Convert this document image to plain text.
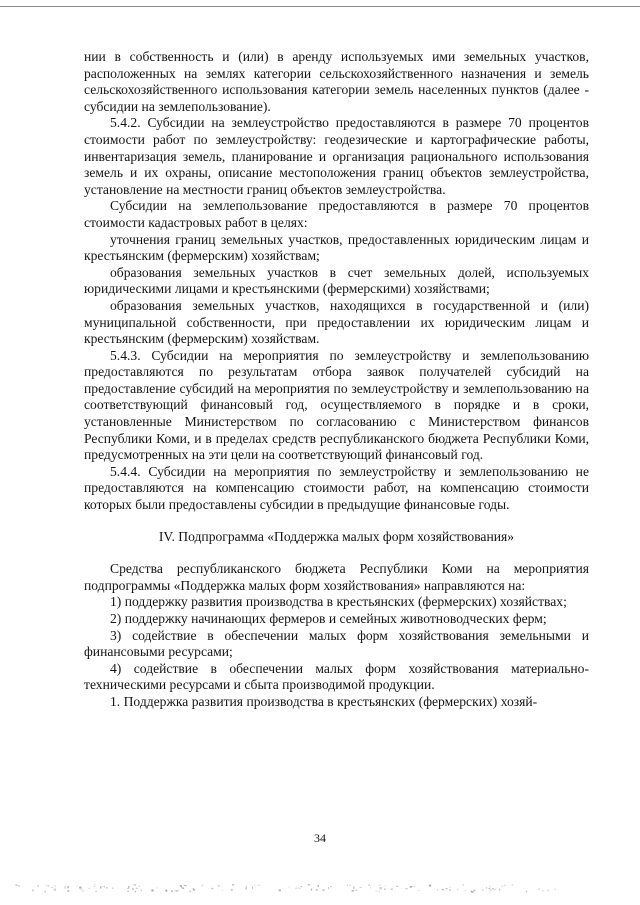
нии в собственность и (или) в аренду используемых ими земельных участков, расположенных на землях категории сельскохозяйственного назначения и земель сельскохозяйственного использования категории земель населенных пунктов (далее - субсидии на землепользование).

5.4.2. Субсидии на землеустройство предоставляются в размере 70 процентов стоимости работ по землеустройству: геодезические и картографические работы, инвентаризация земель, планирование и организация рационального использования земель и их охраны, описание местоположения границ объектов землеустройства, установление на местности границ объектов землеустройства.

Субсидии на землепользование предоставляются в размере 70 процентов стоимости кадастровых работ в целях:

уточнения границ земельных участков, предоставленных юридическим лицам и крестьянским (фермерским) хозяйствам;

образования земельных участков в счет земельных долей, используемых юридическими лицами и крестьянскими (фермерскими) хозяйствами;

образования земельных участков, находящихся в государственной и (или) муниципальной собственности, при предоставлении их юридическим лицам и крестьянским (фермерским) хозяйствам.

5.4.3. Субсидии на мероприятия по землеустройству и землепользованию предоставляются по результатам отбора заявок получателей субсидий на предоставление субсидий на мероприятия по землеустройству и землепользованию на соответствующий финансовый год, осуществляемого в порядке и в сроки, установленные Министерством по согласованию с Министерством финансов Республики Коми, и в пределах средств республиканского бюджета Республики Коми, предусмотренных на эти цели на соответствующий финансовый год.

5.4.4. Субсидии на мероприятия по землеустройству и землепользованию не предоставляются на компенсацию стоимости работ, на компенсацию стоимости которых были предоставлены субсидии в предыдущие финансовые годы.

IV. Подпрограмма «Поддержка малых форм хозяйствования»

Средства республиканского бюджета Республики Коми на мероприятия подпрограммы «Поддержка малых форм хозяйствования» направляются на:

1) поддержку развития производства в крестьянских (фермерских) хозяйствах;

2) поддержку начинающих фермеров и семейных животноводческих ферм;

3) содействие в обеспечении малых форм хозяйствования земельными и финансовыми ресурсами;

4) содействие в обеспечении малых форм хозяйствования материально-техническими ресурсами и сбыта производимой продукции.

1. Поддержка развития производства в крестьянских (фермерских) хозяй-

34
